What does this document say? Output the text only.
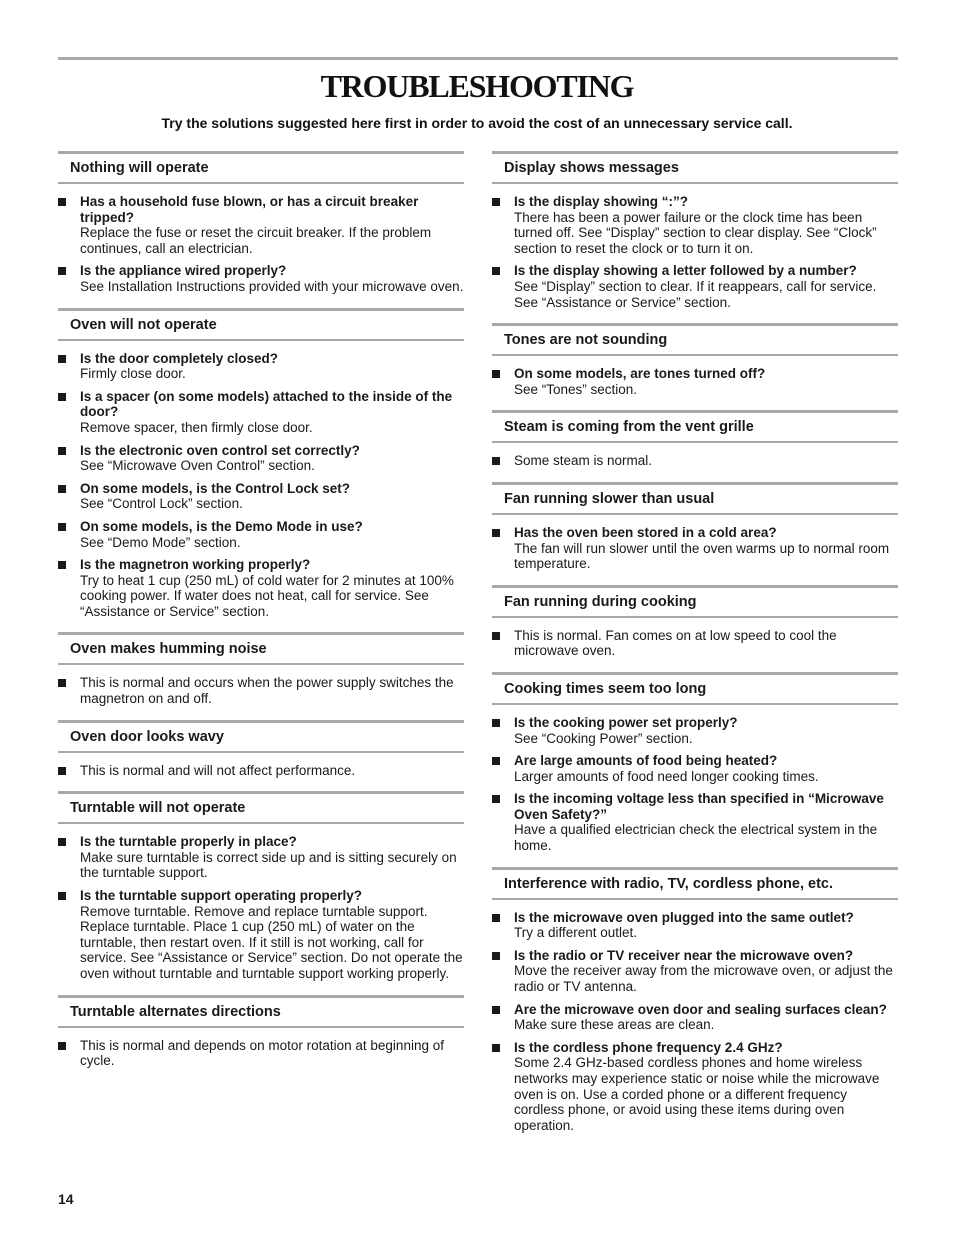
TROUBLESHOOTING
Try the solutions suggested here first in order to avoid the cost of an unnecessary service call.
Nothing will operate
Has a household fuse blown, or has a circuit breaker tripped?
Replace the fuse or reset the circuit breaker. If the problem continues, call an electrician.
Is the appliance wired properly?
See Installation Instructions provided with your microwave oven.
Oven will not operate
Is the door completely closed?
Firmly close door.
Is a spacer (on some models) attached to the inside of the door?
Remove spacer, then firmly close door.
Is the electronic oven control set correctly?
See “Microwave Oven Control” section.
On some models, is the Control Lock set?
See “Control Lock” section.
On some models, is the Demo Mode in use?
See “Demo Mode” section.
Is the magnetron working properly?
Try to heat 1 cup (250 mL) of cold water for 2 minutes at 100% cooking power. If water does not heat, call for service. See “Assistance or Service” section.
Oven makes humming noise
This is normal and occurs when the power supply switches the magnetron on and off.
Oven door looks wavy
This is normal and will not affect performance.
Turntable will not operate
Is the turntable properly in place?
Make sure turntable is correct side up and is sitting securely on the turntable support.
Is the turntable support operating properly?
Remove turntable. Remove and replace turntable support. Replace turntable. Place 1 cup (250 mL) of water on the turntable, then restart oven. If it still is not working, call for service. See “Assistance or Service” section. Do not operate the oven without turntable and turntable support working properly.
Turntable alternates directions
This is normal and depends on motor rotation at beginning of cycle.
Display shows messages
Is the display showing “:”?
There has been a power failure or the clock time has been turned off. See “Display” section to clear display. See “Clock” section to reset the clock or to turn it on.
Is the display showing a letter followed by a number?
See “Display” section to clear. If it reappears, call for service. See “Assistance or Service” section.
Tones are not sounding
On some models, are tones turned off?
See “Tones” section.
Steam is coming from the vent grille
Some steam is normal.
Fan running slower than usual
Has the oven been stored in a cold area?
The fan will run slower until the oven warms up to normal room temperature.
Fan running during cooking
This is normal. Fan comes on at low speed to cool the microwave oven.
Cooking times seem too long
Is the cooking power set properly?
See “Cooking Power” section.
Are large amounts of food being heated?
Larger amounts of food need longer cooking times.
Is the incoming voltage less than specified in “Microwave Oven Safety?”
Have a qualified electrician check the electrical system in the home.
Interference with radio, TV, cordless phone, etc.
Is the microwave oven plugged into the same outlet?
Try a different outlet.
Is the radio or TV receiver near the microwave oven?
Move the receiver away from the microwave oven, or adjust the radio or TV antenna.
Are the microwave oven door and sealing surfaces clean?
Make sure these areas are clean.
Is the cordless phone frequency 2.4 GHz?
Some 2.4 GHz-based cordless phones and home wireless networks may experience static or noise while the microwave oven is on. Use a corded phone or a different frequency cordless phone, or avoid using these items during oven operation.
14
